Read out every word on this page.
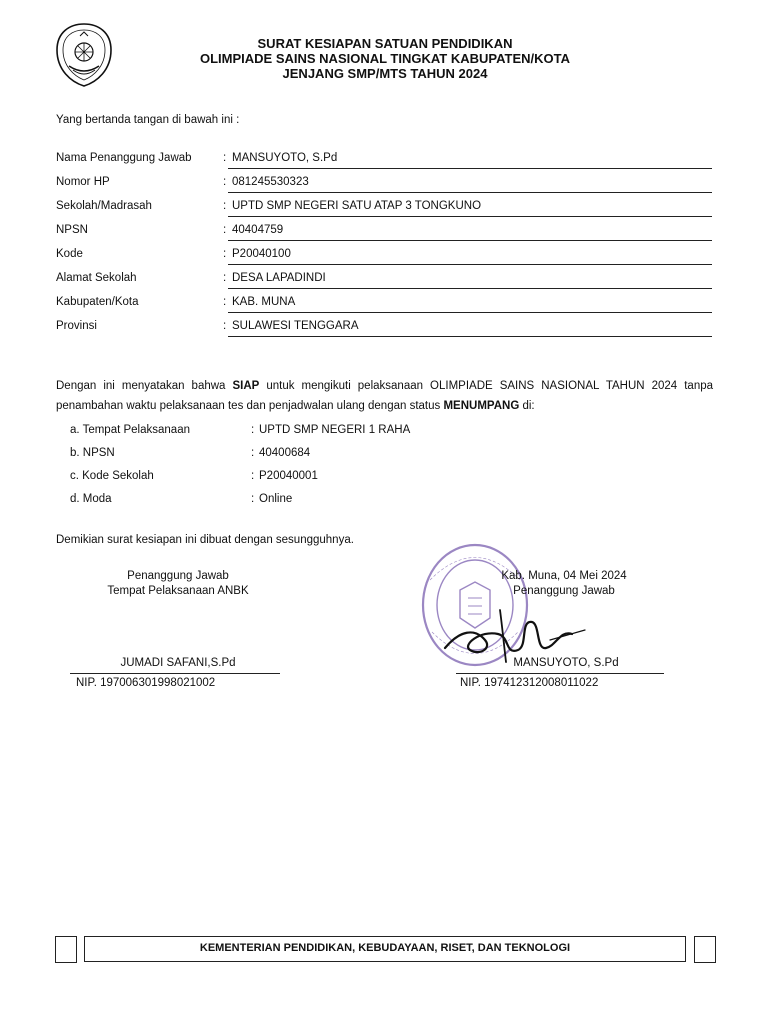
SURAT KESIAPAN SATUAN PENDIDIKAN
OLIMPIADE SAINS NASIONAL TINGKAT KABUPATEN/KOTA
JENJANG SMP/MTS TAHUN 2024
Yang bertanda tangan di bawah ini :
Nama Penanggung Jawab	: MANSUYOTO, S.Pd
Nomor HP	: 081245530323
Sekolah/Madrasah	: UPTD SMP NEGERI SATU ATAP 3 TONGKUNO
NPSN	: 40404759
Kode	: P20040100
Alamat Sekolah	: DESA LAPADINDI
Kabupaten/Kota	: KAB. MUNA
Provinsi	: SULAWESI TENGGARA
Dengan ini menyatakan bahwa SIAP untuk mengikuti pelaksanaan OLIMPIADE SAINS NASIONAL TAHUN 2024 tanpa penambahan waktu pelaksanaan tes dan penjadwalan ulang dengan status MENUMPANG di:
a. Tempat Pelaksanaan	: UPTD SMP NEGERI 1 RAHA
b. NPSN	: 40400684
c. Kode Sekolah	: P20040001
d. Moda	: Online
Demikian surat kesiapan ini dibuat dengan sesungguhnya.
Penanggung Jawab
Tempat Pelaksanaan ANBK
JUMADI SAFANI,S.Pd
NIP. 197006301998021002
Kab. Muna, 04 Mei 2024
Penanggung Jawab
MANSUYOTO, S.Pd
NIP. 197412312008011022
KEMENTERIAN PENDIDIKAN, KEBUDAYAAN, RISET, DAN TEKNOLOGI
